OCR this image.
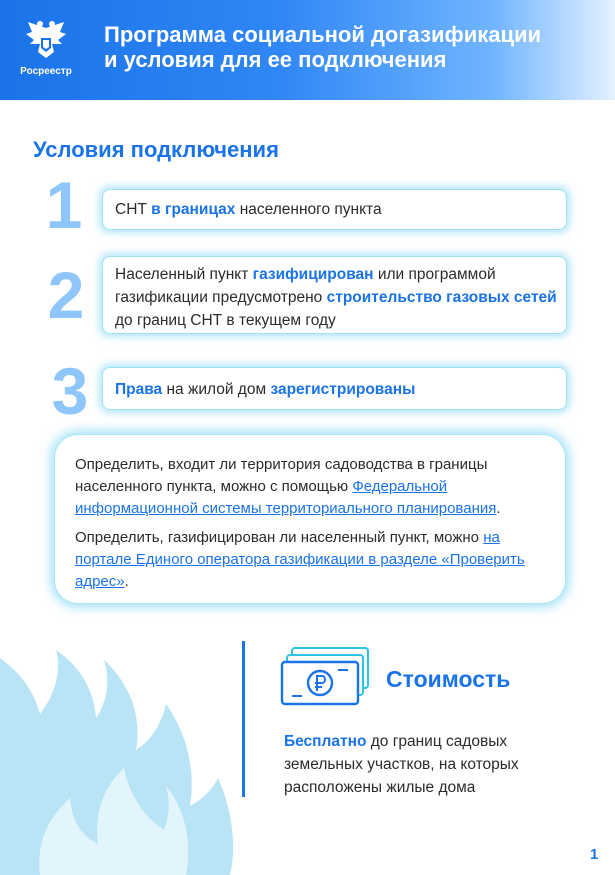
Росреестр
Программа социальной догазификации
и условия для ее подключения
Условия подключения
1	СНТ в границах населенного пункта
2	Населенный пункт газифицирован или программой газификации предусмотрено строительство газовых сетей до границ СНТ в текущем году
3	Права на жилой дом зарегистрированы

Определить, входит ли территория садоводства в границы населенного пункта, можно с помощью Федеральной информационной системы территориального планирования.

Определить, газифицирован ли населенный пункт, можно на портале Единого оператора газификации в разделе «Проверить адрес».

Стоимость
Бесплатно до границ садовых земельных участков, на которых расположены жилые дома
1
